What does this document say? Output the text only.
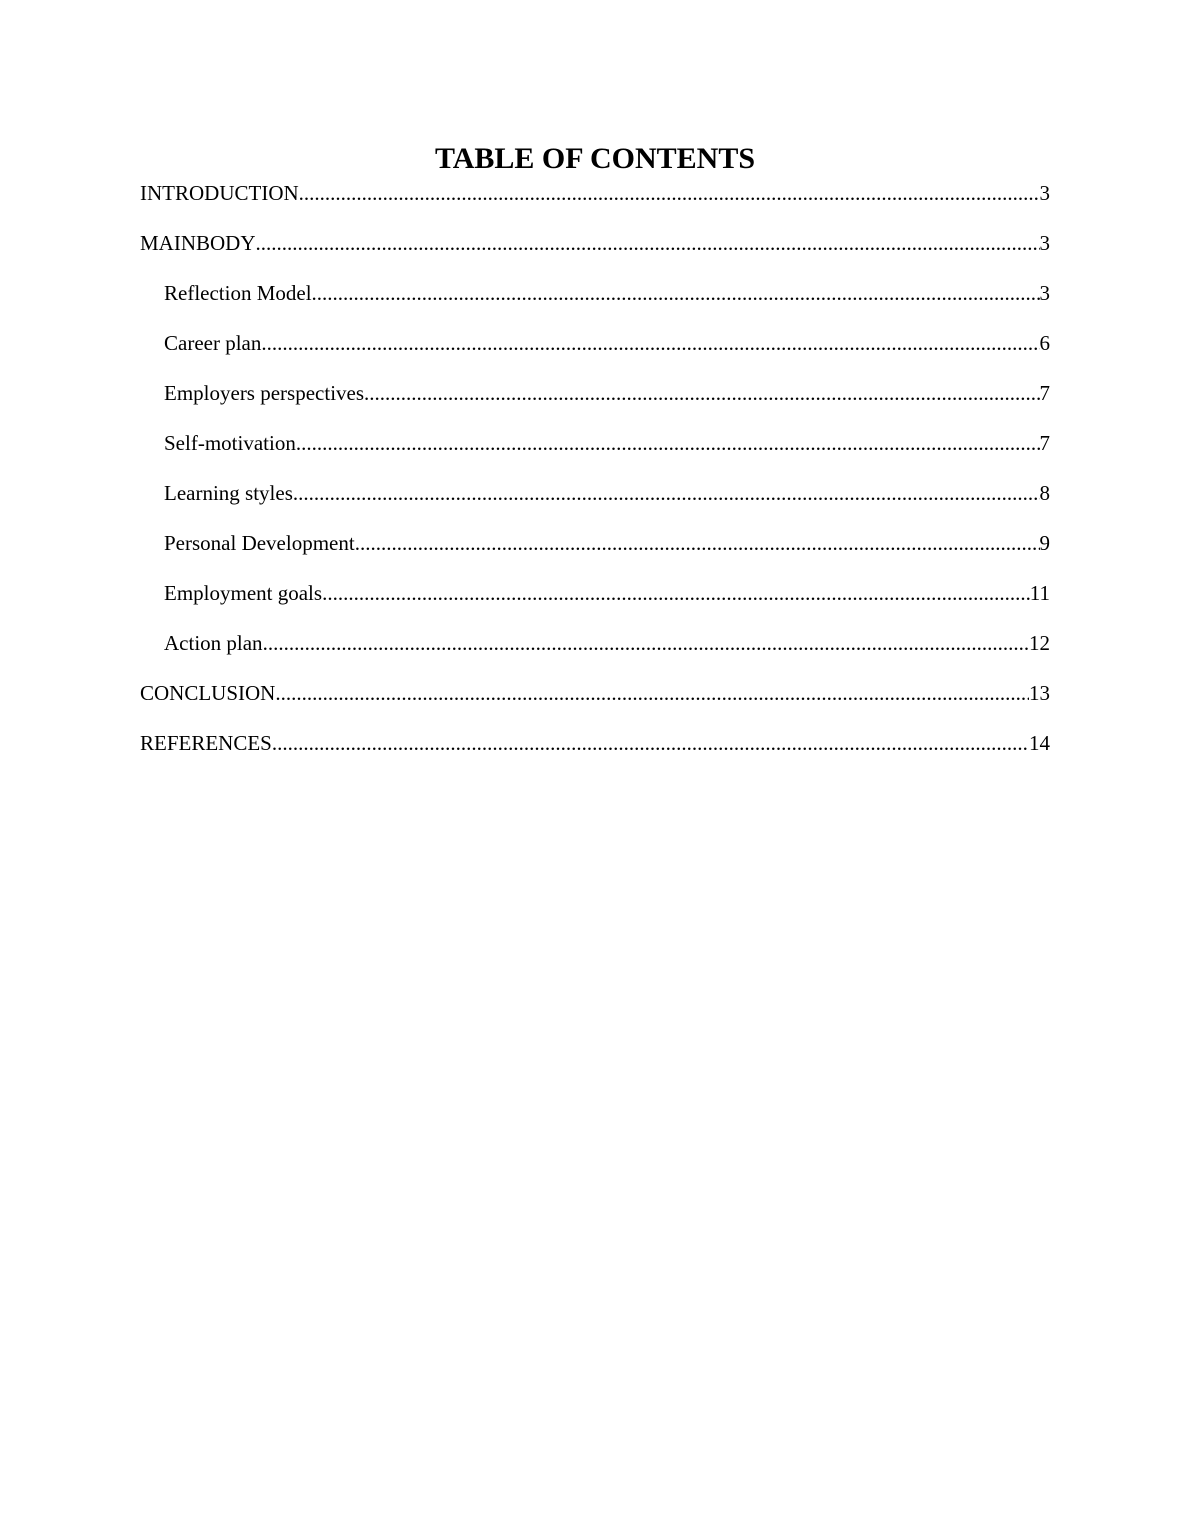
TABLE OF CONTENTS
INTRODUCTION .....	3
MAINBODY .....	3
Reflection Model .....	3
Career plan .....	6
Employers perspectives .....	7
Self-motivation .....	7
Learning styles .....	8
Personal Development .....	9
Employment goals .....	11
Action plan .....	12
CONCLUSION .....	13
REFERENCES .....	14
